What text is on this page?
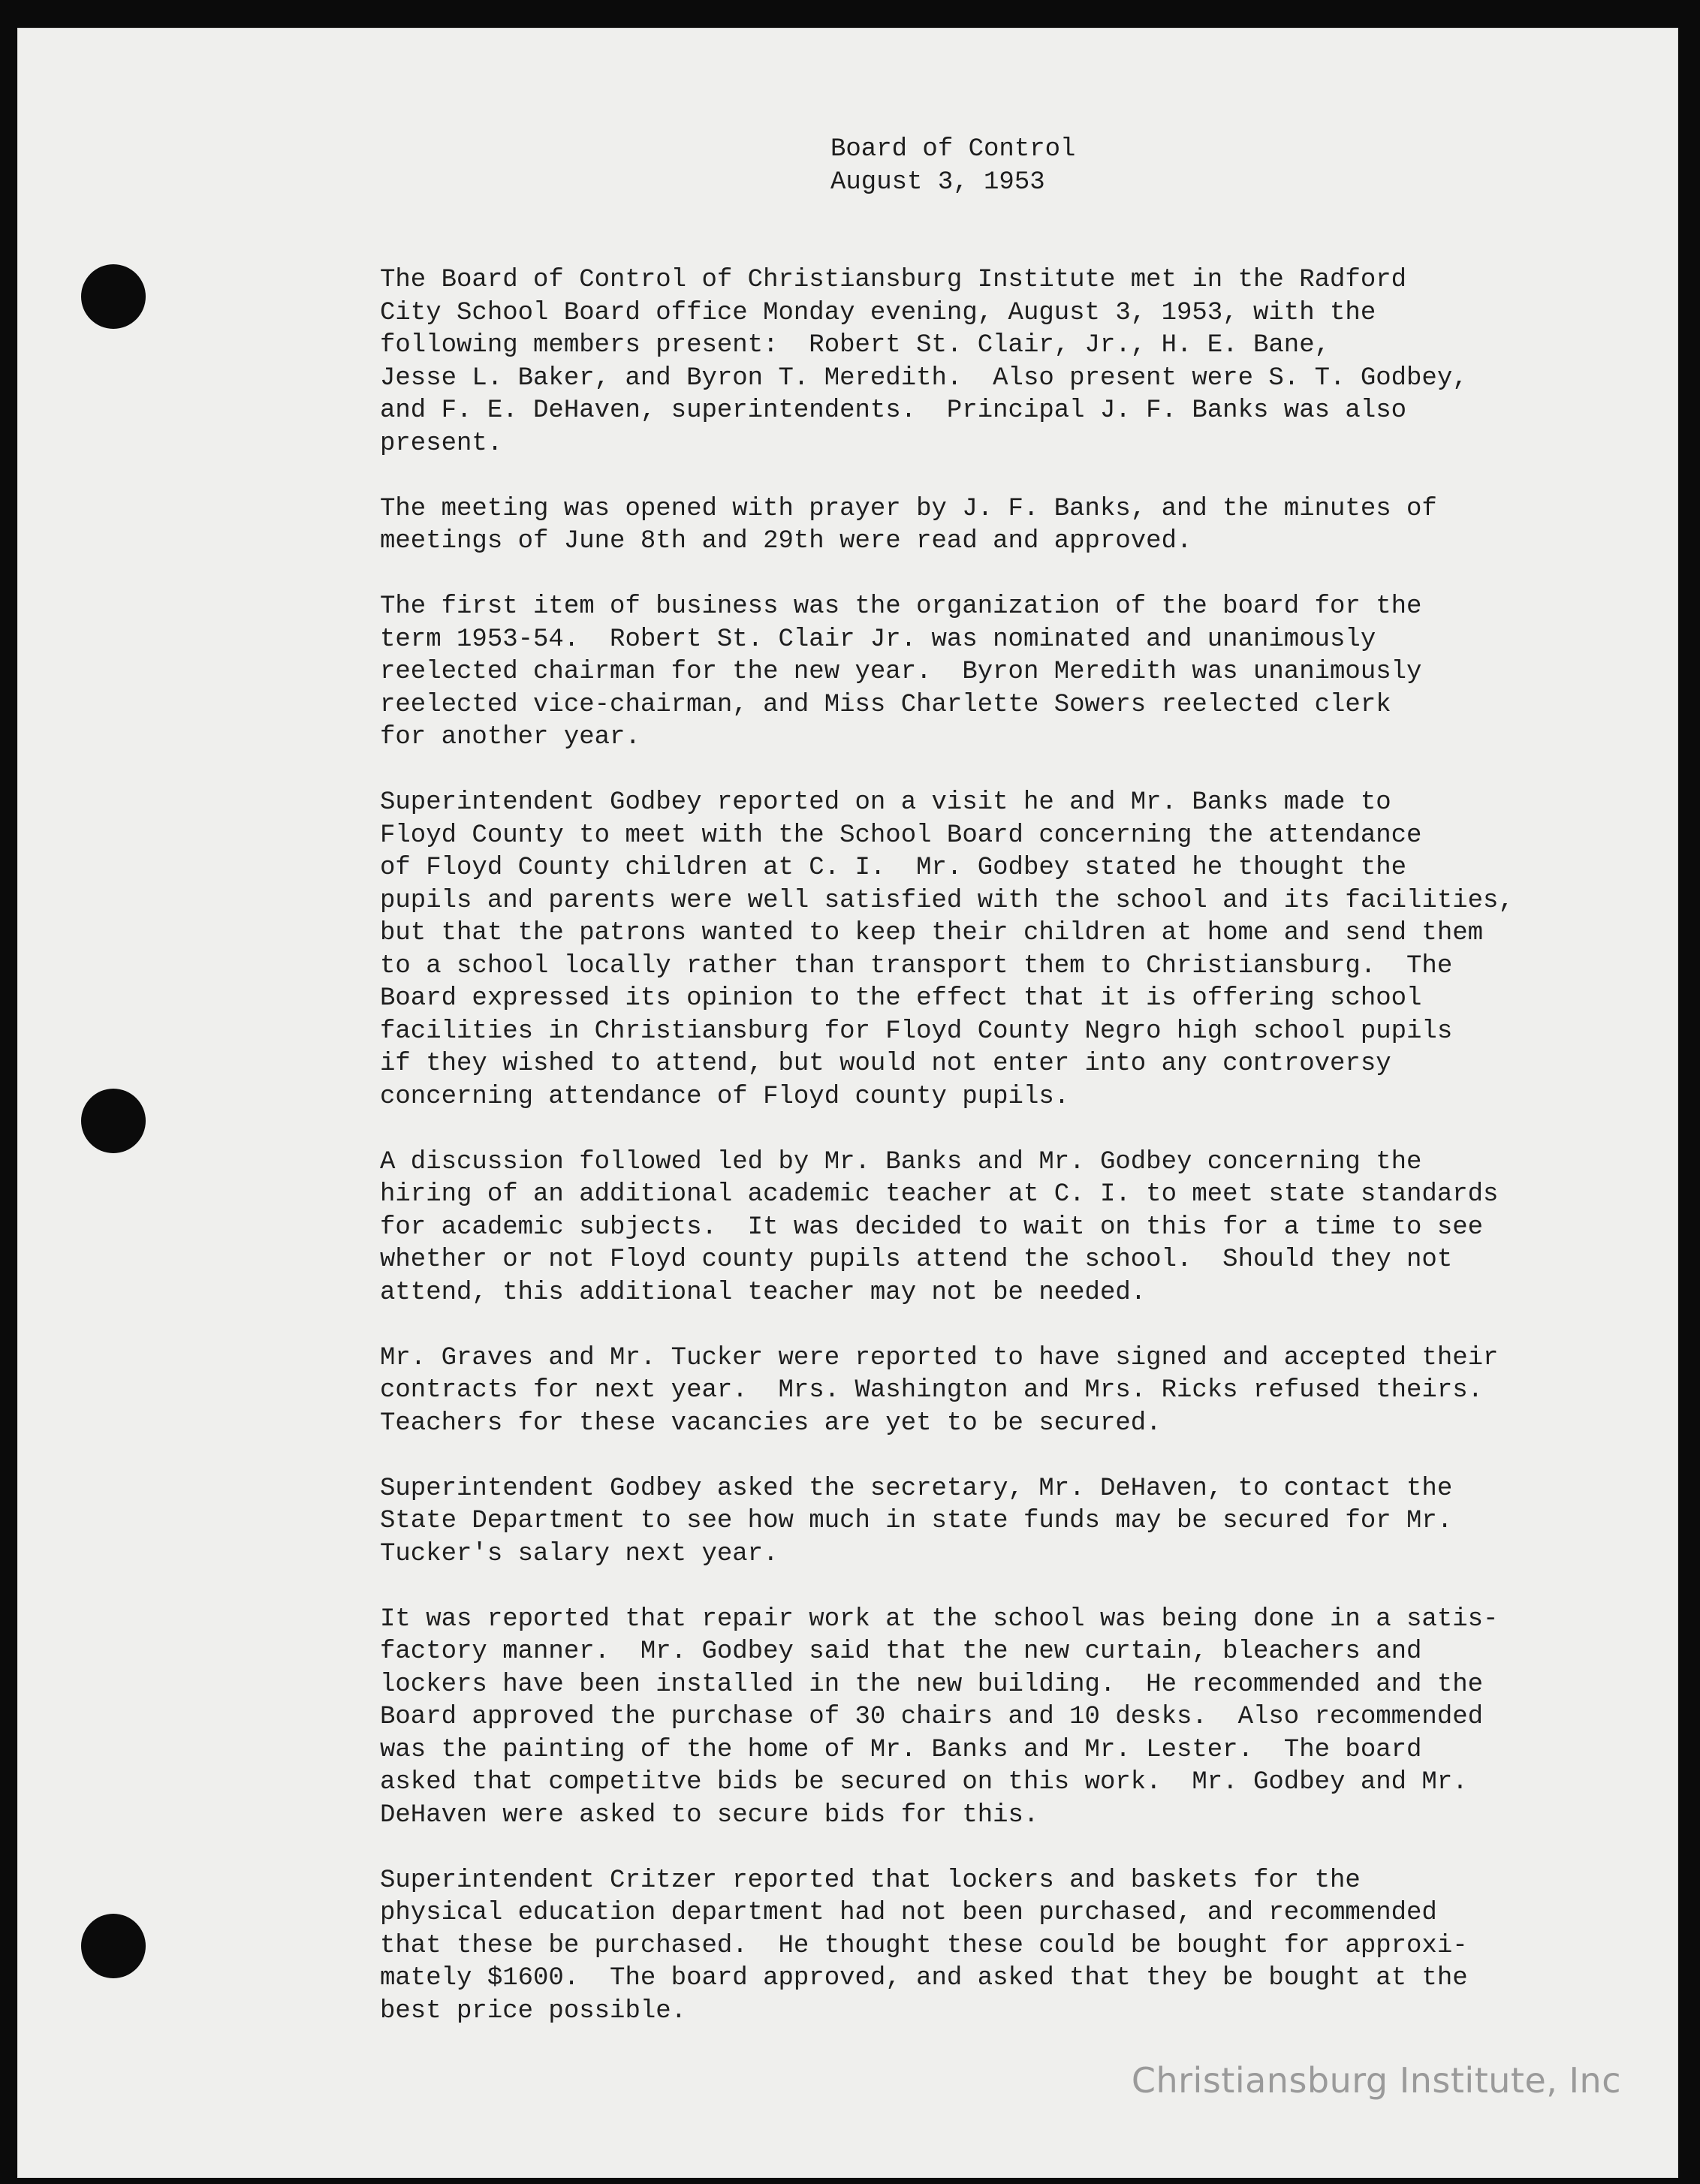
Board of Control
August 3, 1953

The Board of Control of Christiansburg Institute met in the Radford
City School Board office Monday evening, August 3, 1953, with the
following members present:  Robert St. Clair, Jr., H. E. Bane,
Jesse L. Baker, and Byron T. Meredith.  Also present were S. T. Godbey,
and F. E. DeHaven, superintendents.  Principal J. F. Banks was also
present.

The meeting was opened with prayer by J. F. Banks, and the minutes of
meetings of June 8th and 29th were read and approved.

The first item of business was the organization of the board for the
term 1953-54.  Robert St. Clair Jr. was nominated and unanimously
reelected chairman for the new year.  Byron Meredith was unanimously
reelected vice-chairman, and Miss Charlette Sowers reelected clerk
for another year.

Superintendent Godbey reported on a visit he and Mr. Banks made to
Floyd County to meet with the School Board concerning the attendance
of Floyd County children at C. I.  Mr. Godbey stated he thought the
pupils and parents were well satisfied with the school and its facilities,
but that the patrons wanted to keep their children at home and send them
to a school locally rather than transport them to Christiansburg.  The
Board expressed its opinion to the effect that it is offering school
facilities in Christiansburg for Floyd County Negro high school pupils
if they wished to attend, but would not enter into any controversy
concerning attendance of Floyd county pupils.

A discussion followed led by Mr. Banks and Mr. Godbey concerning the
hiring of an additional academic teacher at C. I. to meet state standards
for academic subjects.  It was decided to wait on this for a time to see
whether or not Floyd county pupils attend the school.  Should they not
attend, this additional teacher may not be needed.

Mr. Graves and Mr. Tucker were reported to have signed and accepted their
contracts for next year.  Mrs. Washington and Mrs. Ricks refused theirs.
Teachers for these vacancies are yet to be secured.

Superintendent Godbey asked the secretary, Mr. DeHaven, to contact the
State Department to see how much in state funds may be secured for Mr.
Tucker's salary next year.

It was reported that repair work at the school was being done in a satis-
factory manner.  Mr. Godbey said that the new curtain, bleachers and
lockers have been installed in the new building.  He recommended and the
Board approved the purchase of 30 chairs and 10 desks.  Also recommended
was the painting of the home of Mr. Banks and Mr. Lester.  The board
asked that competitve bids be secured on this work.  Mr. Godbey and Mr.
DeHaven were asked to secure bids for this.

Superintendent Critzer reported that lockers and baskets for the
physical education department had not been purchased, and recommended
that these be purchased.  He thought these could be bought for approxi-
mately $1600.  The board approved, and asked that they be bought at the
best price possible.

Christiansburg Institute, Inc
